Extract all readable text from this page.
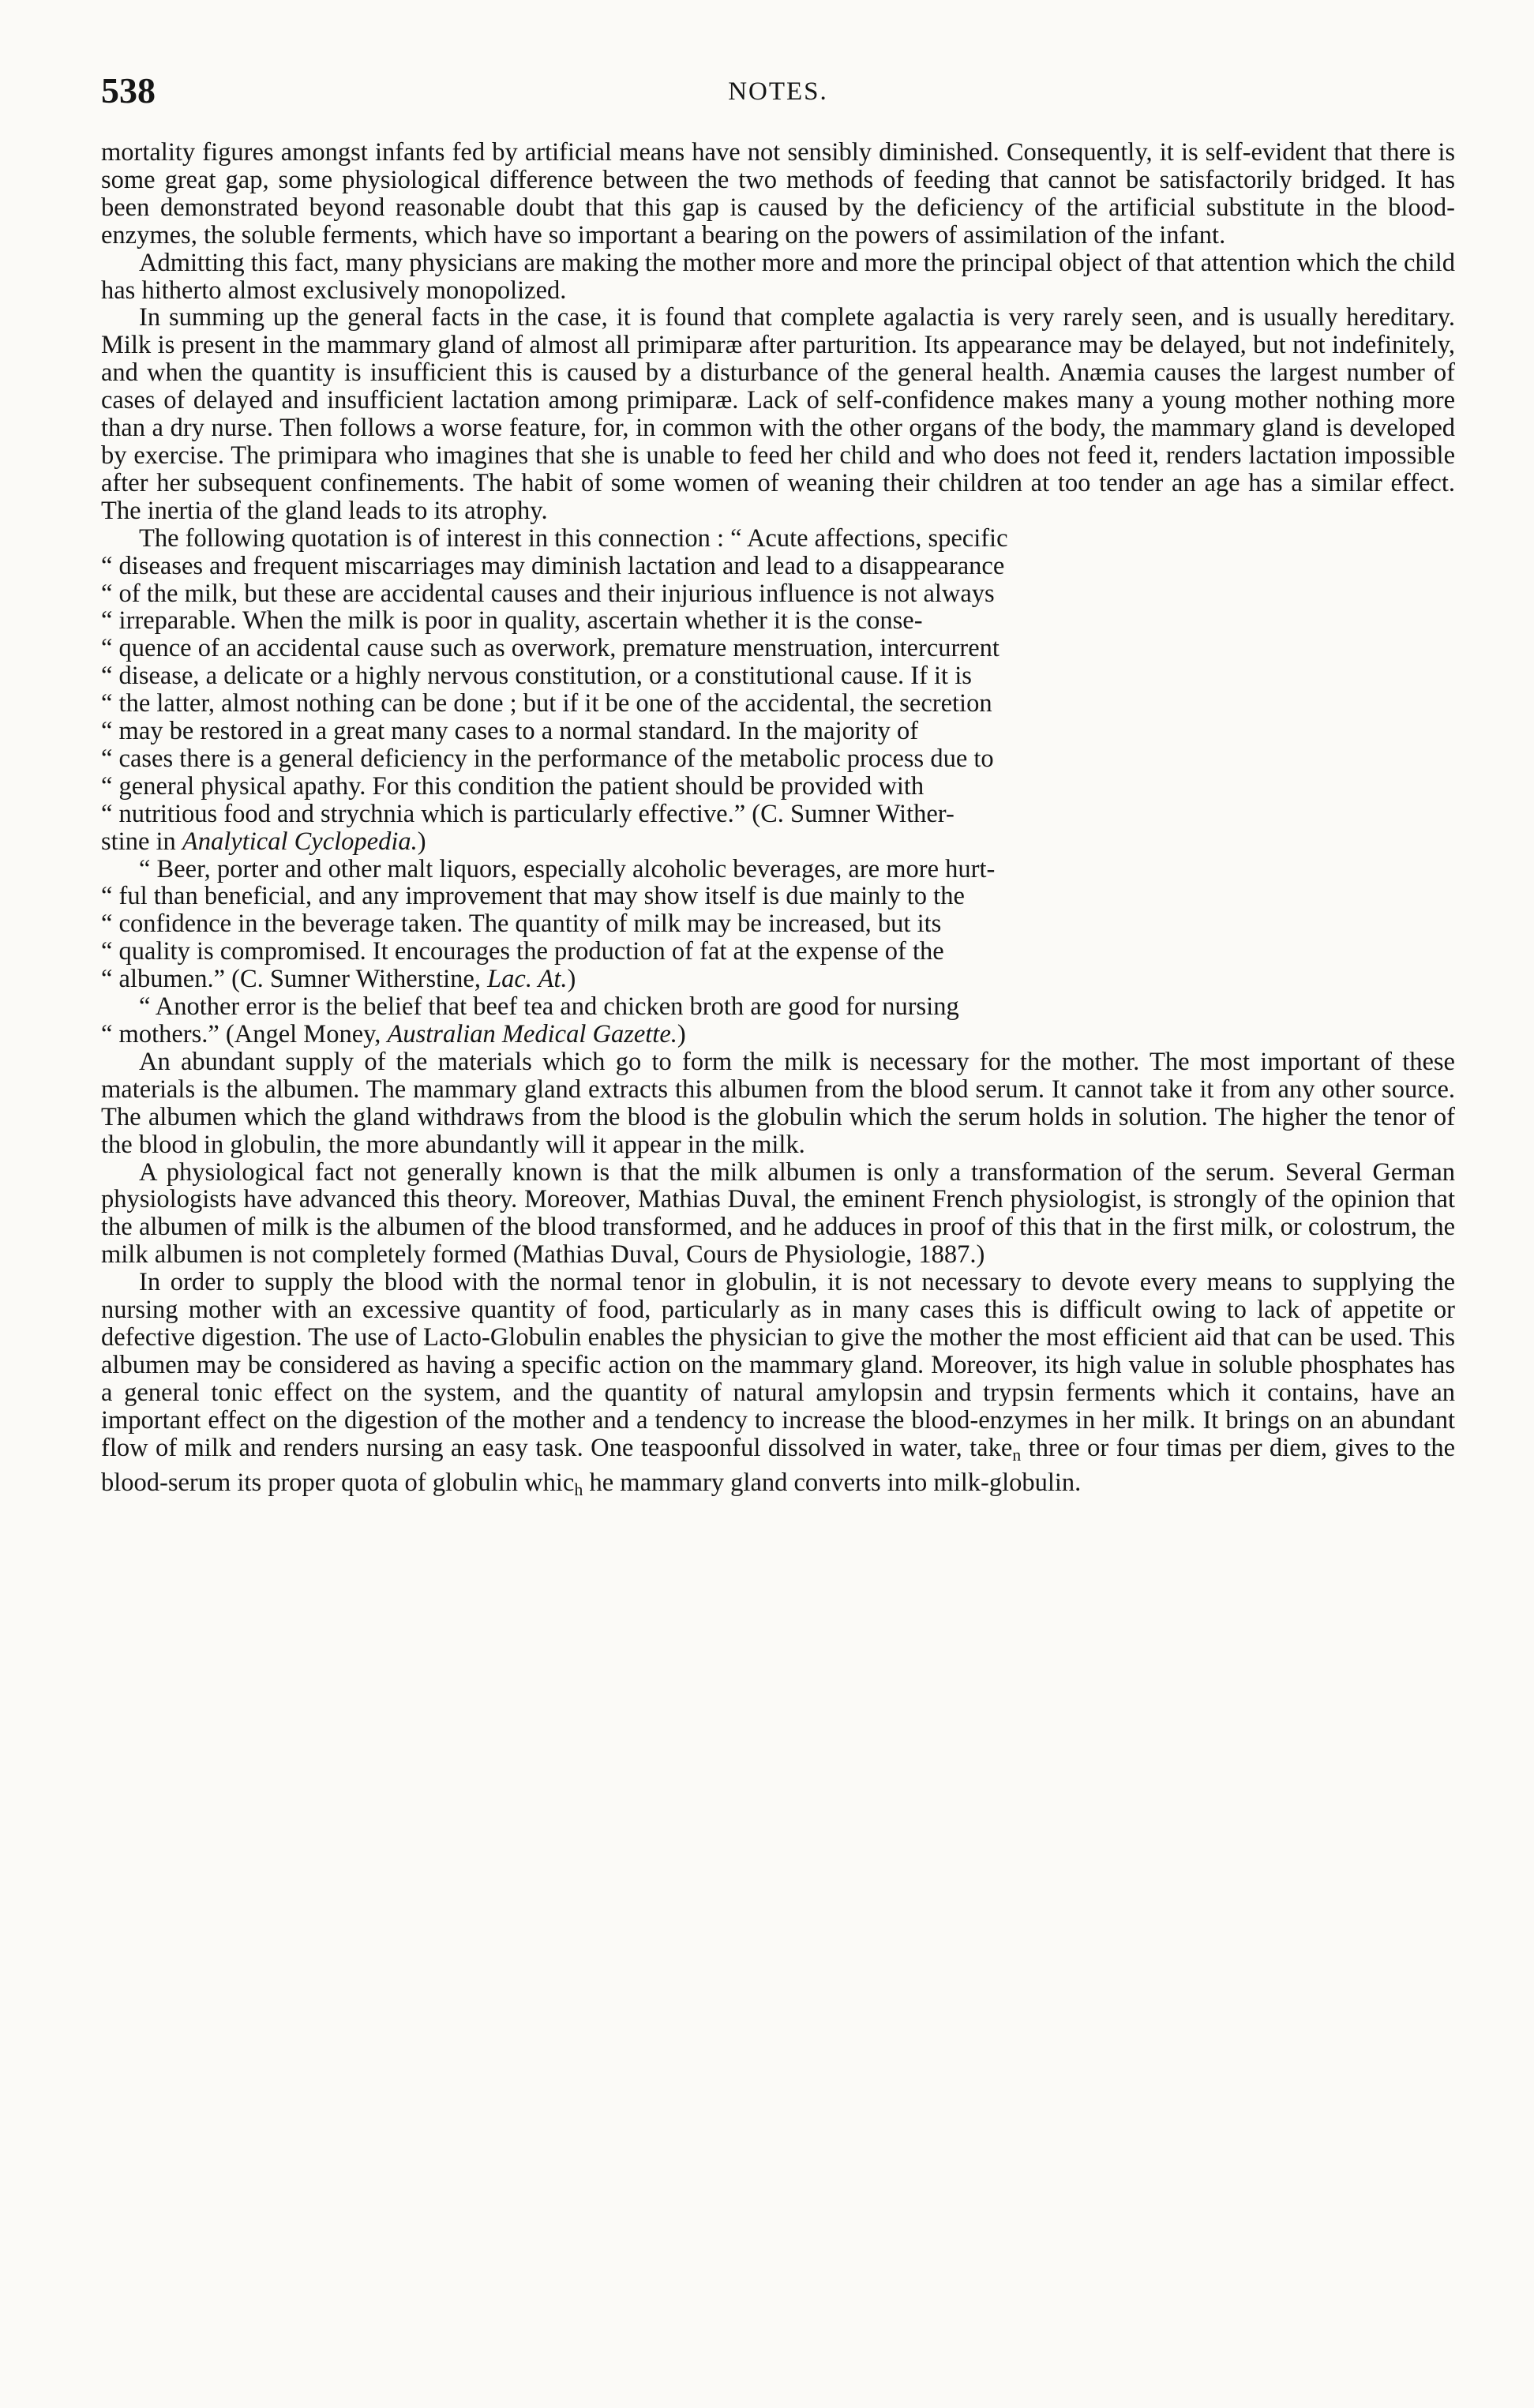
538	NOTES.

mortality figures amongst infants fed by artificial means have not sensibly diminished. Consequently, it is self-evident that there is some great gap, some physiological difference between the two methods of feeding that cannot be satisfactorily bridged. It has been demonstrated beyond reasonable doubt that this gap is caused by the deficiency of the artificial substitute in the blood-enzymes, the soluble ferments, which have so important a bearing on the powers of assimilation of the infant.

Admitting this fact, many physicians are making the mother more and more the principal object of that attention which the child has hitherto almost exclusively monopolized.

In summing up the general facts in the case, it is found that complete agalactia is very rarely seen, and is usually hereditary. Milk is present in the mammary gland of almost all primiparæ after parturition. Its appearance may be delayed, but not indefinitely, and when the quantity is insufficient this is caused by a disturbance of the general health. Anæmia causes the largest number of cases of delayed and insufficient lactation among primiparæ. Lack of self-confidence makes many a young mother nothing more than a dry nurse. Then follows a worse feature, for, in common with the other organs of the body, the mammary gland is developed by exercise. The primipara who imagines that she is unable to feed her child and who does not feed it, renders lactation impossible after her subsequent confinements. The habit of some women of weaning their children at too tender an age has a similar effect. The inertia of the gland leads to its atrophy.

The following quotation is of interest in this connection : “ Acute affections, specific
“ diseases and frequent miscarriages may diminish lactation and lead to a disappearance
“ of the milk, but these are accidental causes and their injurious influence is not always
“ irreparable. When the milk is poor in quality, ascertain whether it is the conse-
“ quence of an accidental cause such as overwork, premature menstruation, intercurrent
“ disease, a delicate or a highly nervous constitution, or a constitutional cause. If it is
“ the latter, almost nothing can be done ; but if it be one of the accidental, the secretion
“ may be restored in a great many cases to a normal standard. In the majority of
“ cases there is a general deficiency in the performance of the metabolic process due to
“ general physical apathy. For this condition the patient should be provided with
“ nutritious food and strychnia which is particularly effective.” (C. Sumner Wither-
stine in Analytical Cyclopedia.)
“ Beer, porter and other malt liquors, especially alcoholic beverages, are more hurt-
“ ful than beneficial, and any improvement that may show itself is due mainly to the
“ confidence in the beverage taken. The quantity of milk may be increased, but its
“ quality is compromised. It encourages the production of fat at the expense of the
“ albumen.” (C. Sumner Witherstine, Lac. At.)
“ Another error is the belief that beef tea and chicken broth are good for nursing
“ mothers.” (Angel Money, Australian Medical Gazette.)

An abundant supply of the materials which go to form the milk is necessary for the mother. The most important of these materials is the albumen. The mammary gland extracts this albumen from the blood serum. It cannot take it from any other source. The albumen which the gland withdraws from the blood is the globulin which the serum holds in solution. The higher the tenor of the blood in globulin, the more abundantly will it appear in the milk.

A physiological fact not generally known is that the milk albumen is only a transformation of the serum. Several German physiologists have advanced this theory. Moreover, Mathias Duval, the eminent French physiologist, is strongly of the opinion that the albumen of milk is the albumen of the blood transformed, and he adduces in proof of this that in the first milk, or colostrum, the milk albumen is not completely formed (Mathias Duval, Cours de Physiologie, 1887.)

In order to supply the blood with the normal tenor in globulin, it is not necessary to devote every means to supplying the nursing mother with an excessive quantity of food, particularly as in many cases this is difficult owing to lack of appetite or defective digestion. The use of Lacto-Globulin enables the physician to give the mother the most efficient aid that can be used. This albumen may be considered as having a specific action on the mammary gland. Moreover, its high value in soluble phosphates has a general tonic effect on the system, and the quantity of natural amylopsin and trypsin ferments which it contains, have an important effect on the digestion of the mother and a tendency to increase the blood-enzymes in her milk. It brings on an abundant flow of milk and renders nursing an easy task. One teaspoonful dissolved in water, take$_n$ three or four timas per diem, gives to the blood-serum its proper quota of globulin whic$_h$ he mammary gland converts into milk-globulin.
